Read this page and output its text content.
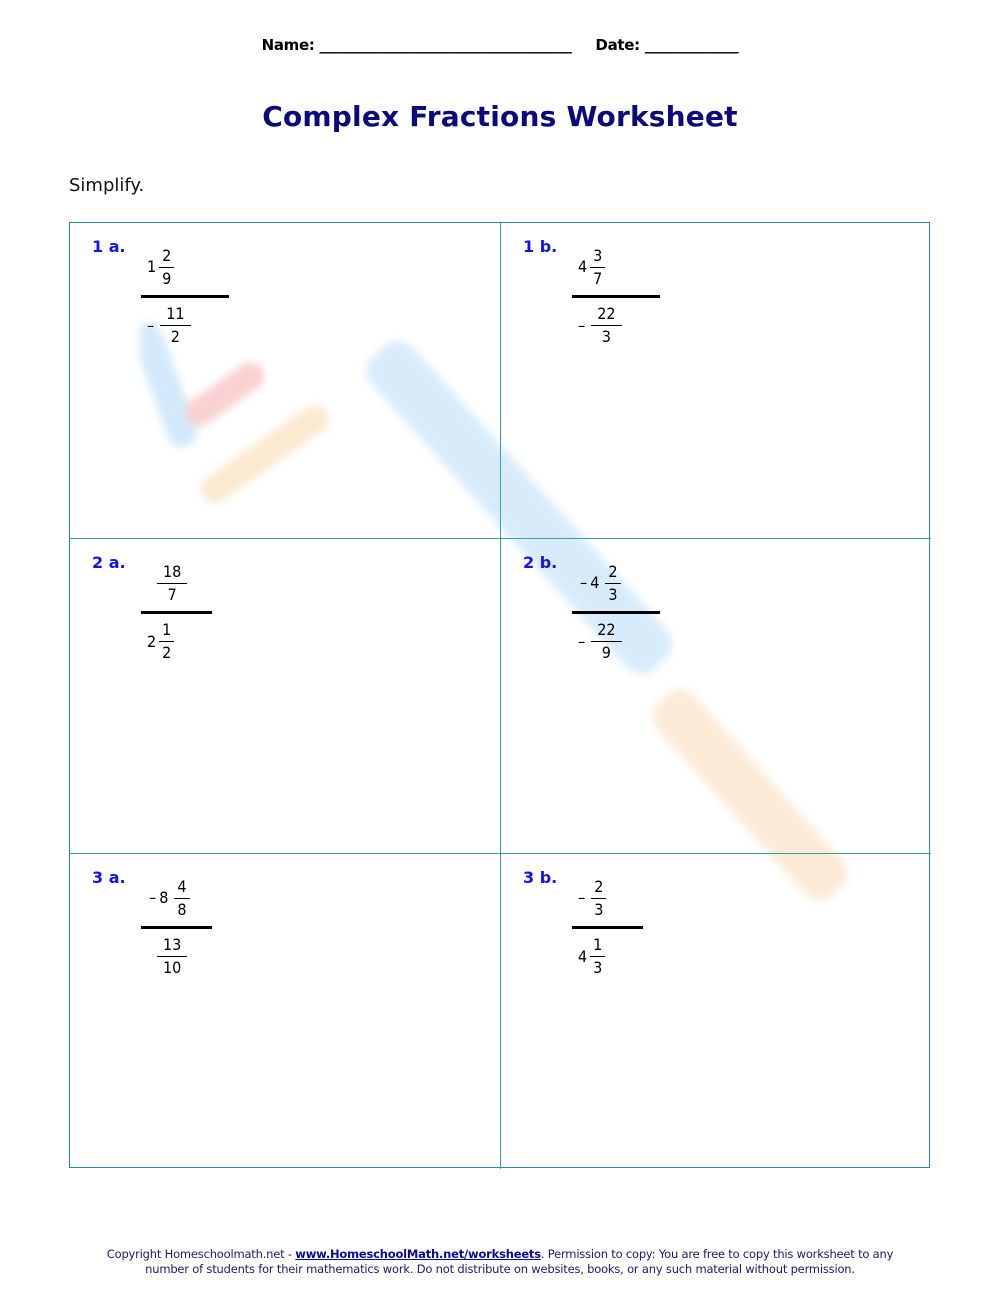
Name: ___________________________________ Date: _____________
Complex Fractions Worksheet
Simplify.
1 a.
$1 \frac{2}{9}$
– $\frac{11}{2}$
1 b.
$4 \frac{3}{7}$
– $\frac{22}{3}$
2 a.
$\frac{18}{7}$
$2 \frac{1}{2}$
2 b.
– $4 \frac{2}{3}$
– $\frac{22}{9}$
3 a.
– $8 \frac{4}{8}$
$\frac{13}{10}$
3 b.
– $\frac{2}{3}$
$4 \frac{1}{3}$
Copyright Homeschoolmath.net - www.HomeschoolMath.net/worksheets. Permission to copy: You are free to copy this worksheet to any
number of students for their mathematics work. Do not distribute on websites, books, or any such material without permission.
